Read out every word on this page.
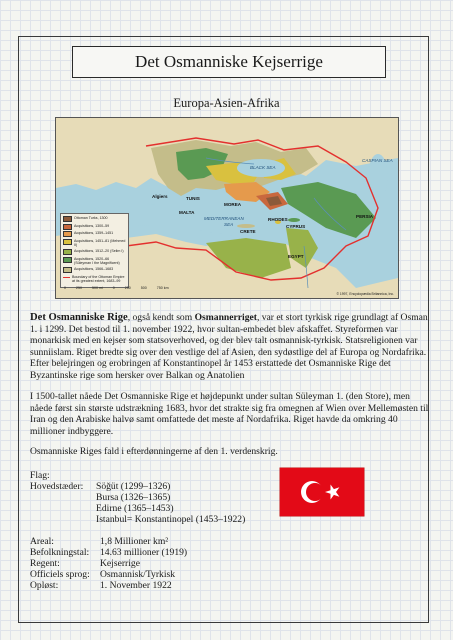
Det Osmanniske Kejserrige
Europa-Asien-Afrika
Algiers	TUNIS
MALTA
MEDITERRANEAN
SEA
MOREA
CRETE
RHODES
CYPRUS
BLACK SEA
CASPIAN SEA
PERSIA
EGYPT
Ottoman Turks, 1300
Acquisitions, 1300–59
Acquisitions, 1359–1451
Acquisitions, 1451–81 (Mehmed II)
Acquisitions, 1512–20 (Selim I)
Acquisitions, 1520–66 (Süleyman I the Magnificent)
Acquisitions, 1566–1683
Boundary of the Ottoman Empire at its greatest extent, 1683–99
0	250	500 mi	0	250	500	750 km
© 1997, Encyclopædia Britannica, Inc.
Det Osmanniske Rige, også kendt som Osmannerriget, var et stort tyrkisk rige grundlagt af Osman 1. i 1299. Det bestod til 1. november 1922, hvor sultan-embedet blev afskaffet. Styreformen var monarkisk med en kejser som statsoverhoved, og der blev talt osmannisk-tyrkisk. Statsreligionen var sunniislam. Riget bredte sig over den vestlige del af Asien, den sydøstlige del af Europa og Nordafrika. Efter belejringen og erobringen af Konstantinopel år 1453 erstattede det Osmanniske Rige det Byzantinske rige som hersker over Balkan og Anatolien
I 1500-tallet nåede Det Osmanniske Rige et højdepunkt under sultan Süleyman 1. (den Store), men nåede først sin største udstrækning 1683, hvor det strakte sig fra omegnen af Wien over Mellemøsten til Iran og den Arabiske halvø samt omfattede det meste af Nordafrika. Riget havde da omkring 40 millioner indbyggere.
Osmanniske Riges fald i efterdønningerne af den 1. verdenskrig.
Flag:
Hovedstæder: Söğüt (1299–1326)
Bursa (1326–1365)
Edirne (1365–1453)
Istanbul= Konstantinopel (1453–1922)
Areal:	1,8 Millioner km²
Befolkningstal: 14.63 millioner (1919)
Regent:	Kejserrige
Officiels sprog: Osmannisk/Tyrkisk
Opløst:	1. November 1922
